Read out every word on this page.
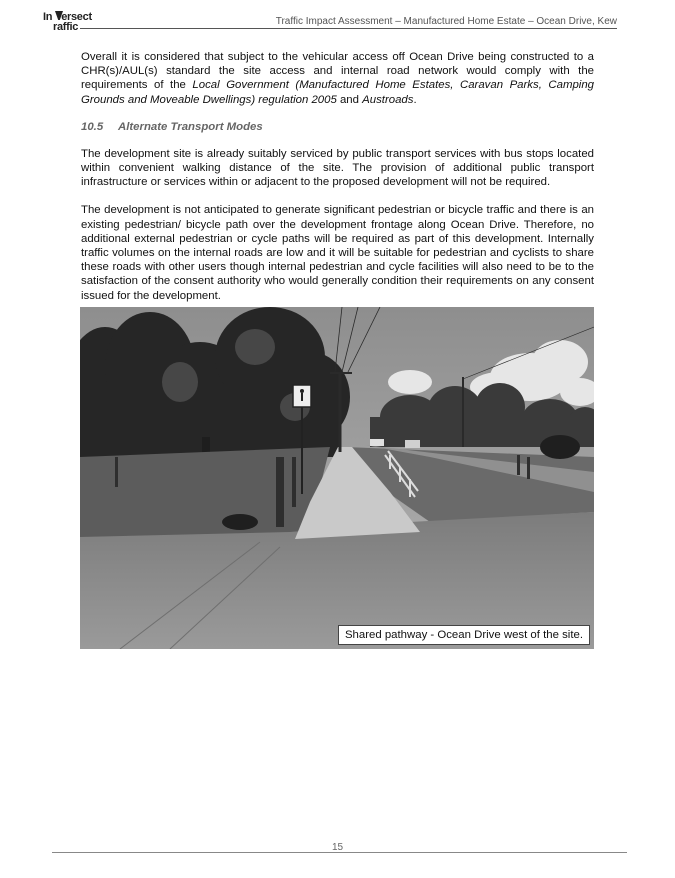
In ersect
raffic	Traffic Impact Assessment – Manufactured Home Estate – Ocean Drive, Kew

Overall it is considered that subject to the vehicular access off Ocean Drive being constructed to a CHR(s)/AUL(s) standard the site access and internal road network would comply with the requirements of the Local Government (Manufactured Home Estates, Caravan Parks, Camping Grounds and Moveable Dwellings) regulation 2005 and Austroads.

10.5 Alternate Transport Modes

The development site is already suitably serviced by public transport services with bus stops located within convenient walking distance of the site. The provision of additional public transport infrastructure or services within or adjacent to the proposed development will not be required.

The development is not anticipated to generate significant pedestrian or bicycle traffic and there is an existing pedestrian/ bicycle path over the development frontage along Ocean Drive. Therefore, no additional external pedestrian or cycle paths will be required as part of this development. Internally traffic volumes on the internal roads are low and it will be suitable for pedestrian and cyclists to share these roads with other users though internal pedestrian and cycle facilities will also need to be to the satisfaction of the consent authority who would generally condition their requirements on any consent issued for the development.

Shared pathway - Ocean Drive west of the site.
15
